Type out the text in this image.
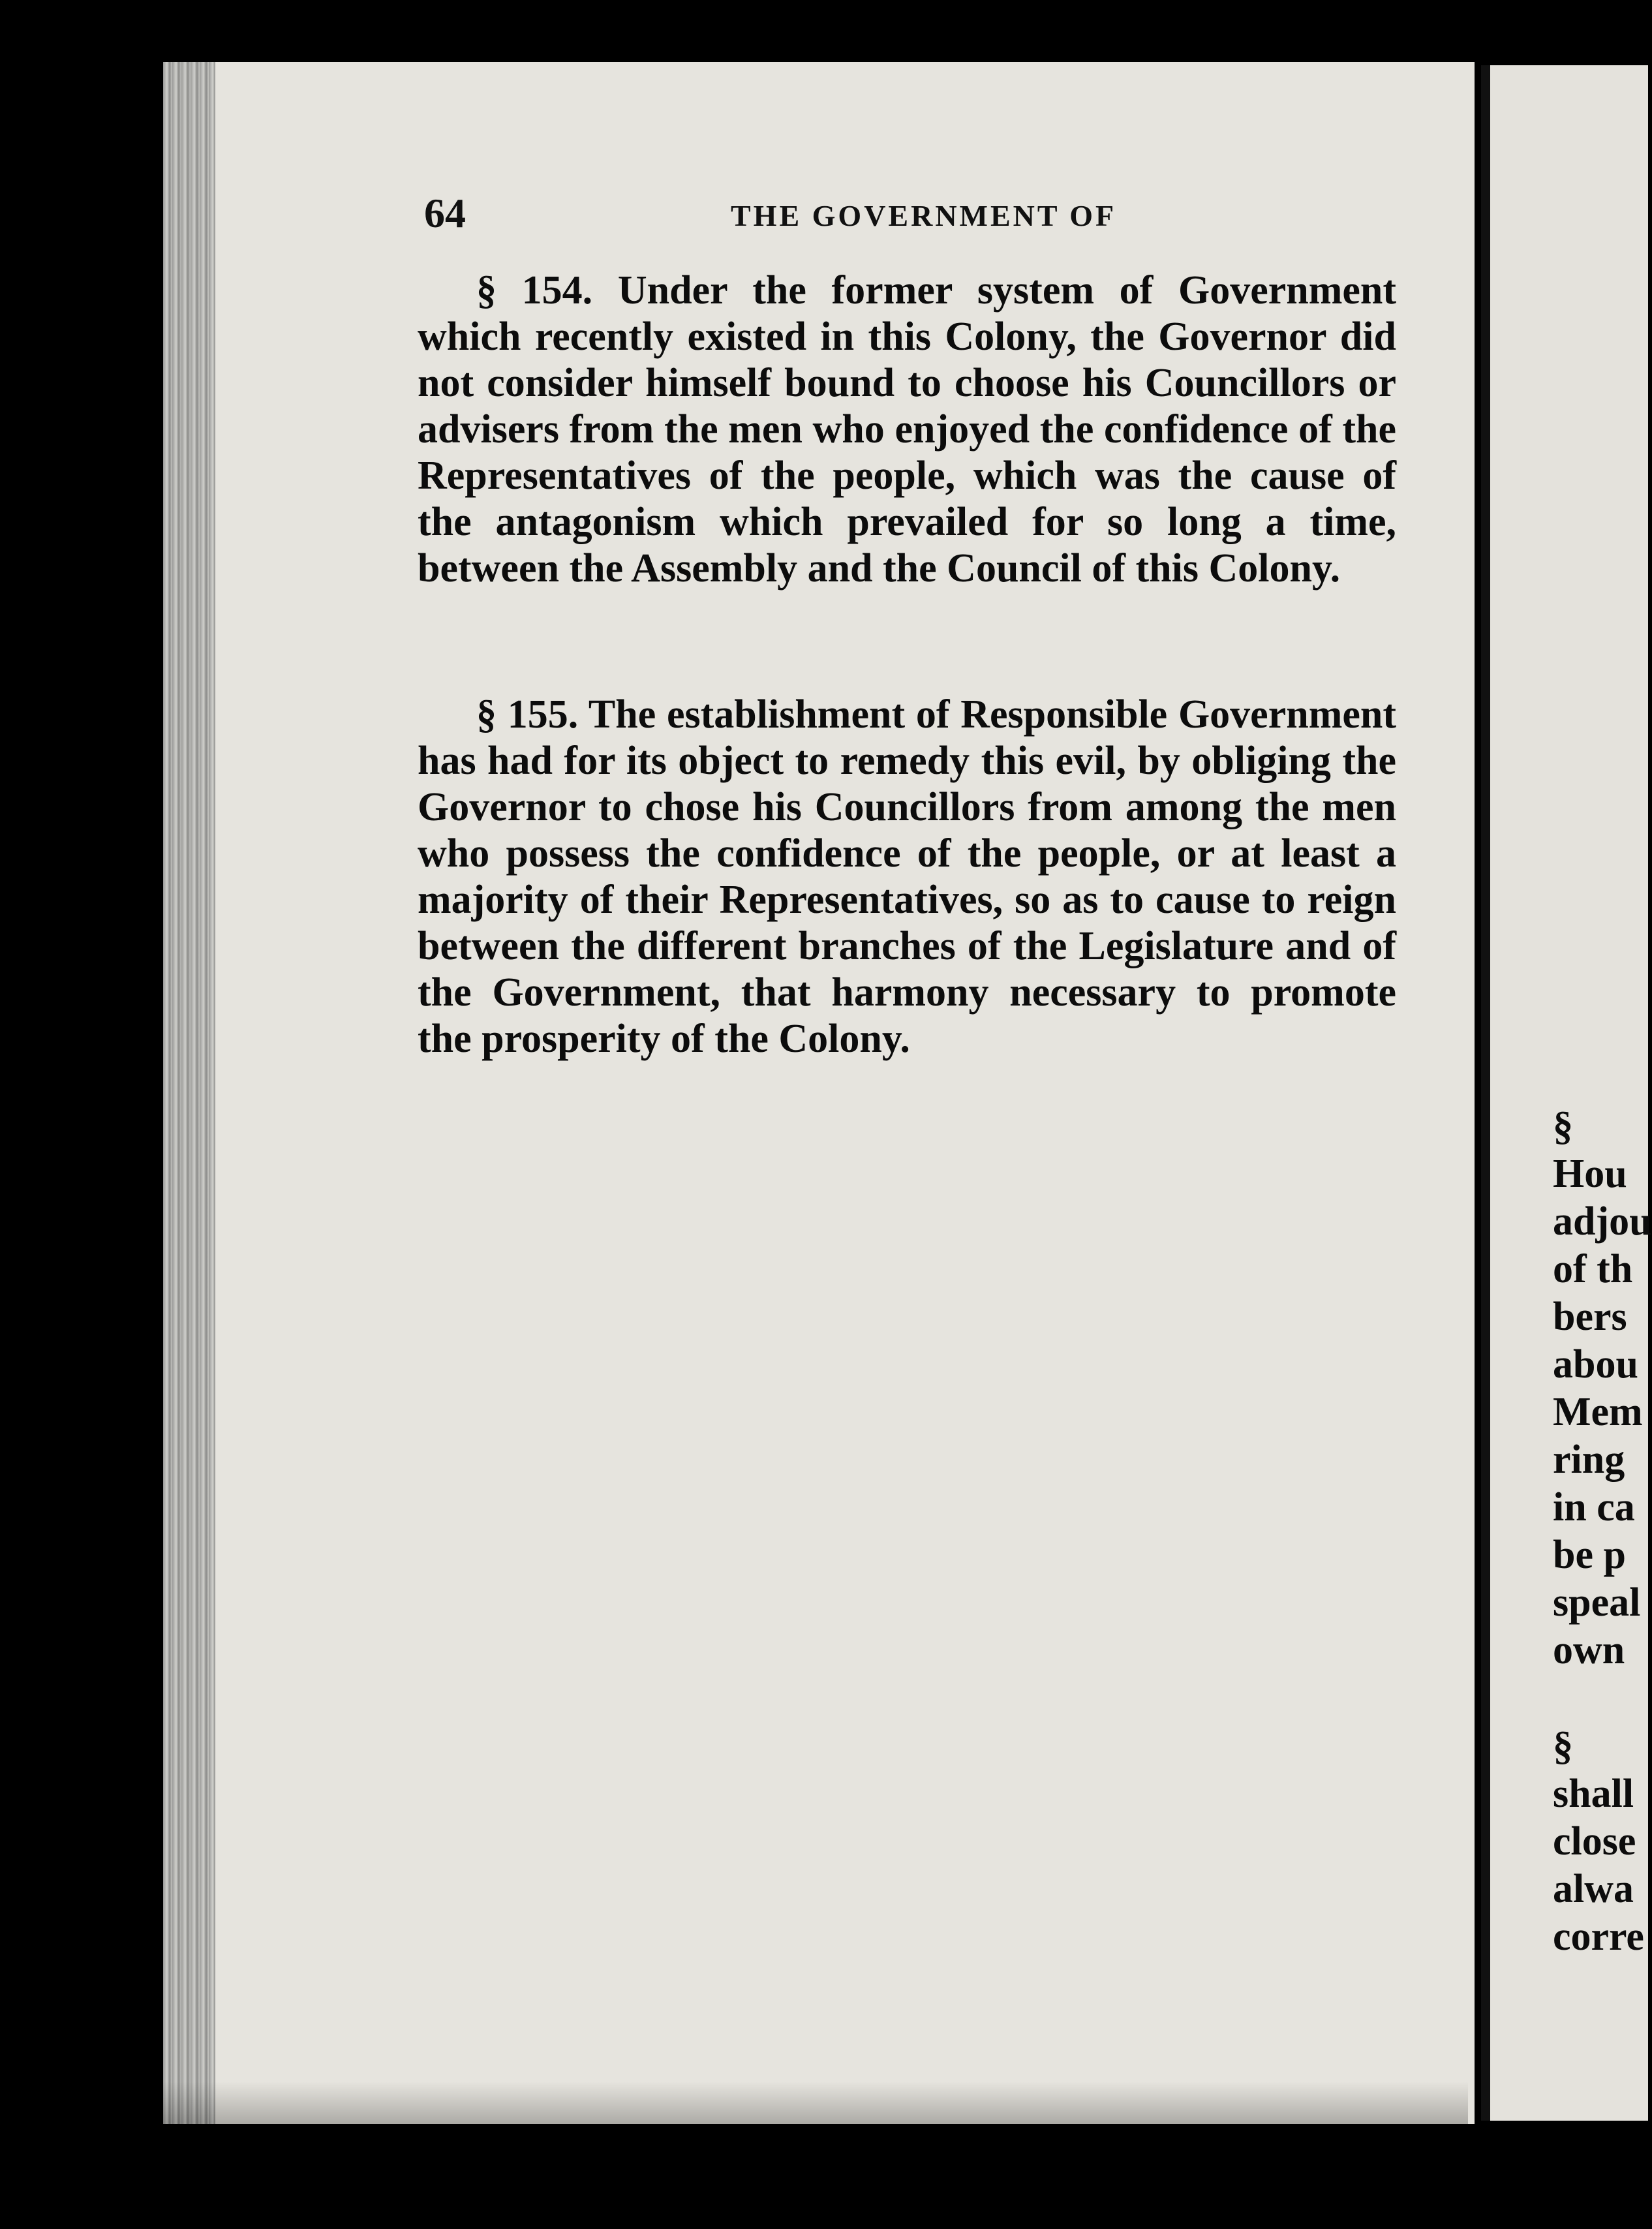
64	THE GOVERNMENT OF
§ 154. Under the former system of Government which recently existed in this Colony, the Governor did not consider himself bound to choose his Councillors or advisers from the men who enjoyed the confidence of the Representatives of the people, which was the cause of the antagonism which prevailed for so long a time, between the Assembly and the Council of this Colony.
§ 155. The establishment of Responsible Government has had for its object to remedy this evil, by obliging the Governor to chose his Councillors from among the men who possess the confidence of the people, or at least a majority of their Representatives, so as to cause to reign between the different branches of the Legislature and of the Government, that harmony necessary to promote the prosperity of the Colony.
§
Hou
adjou
of th
bers
abou
Mem
ring
in ca
be p
speal
own
§
shall
close
alwa
corre
